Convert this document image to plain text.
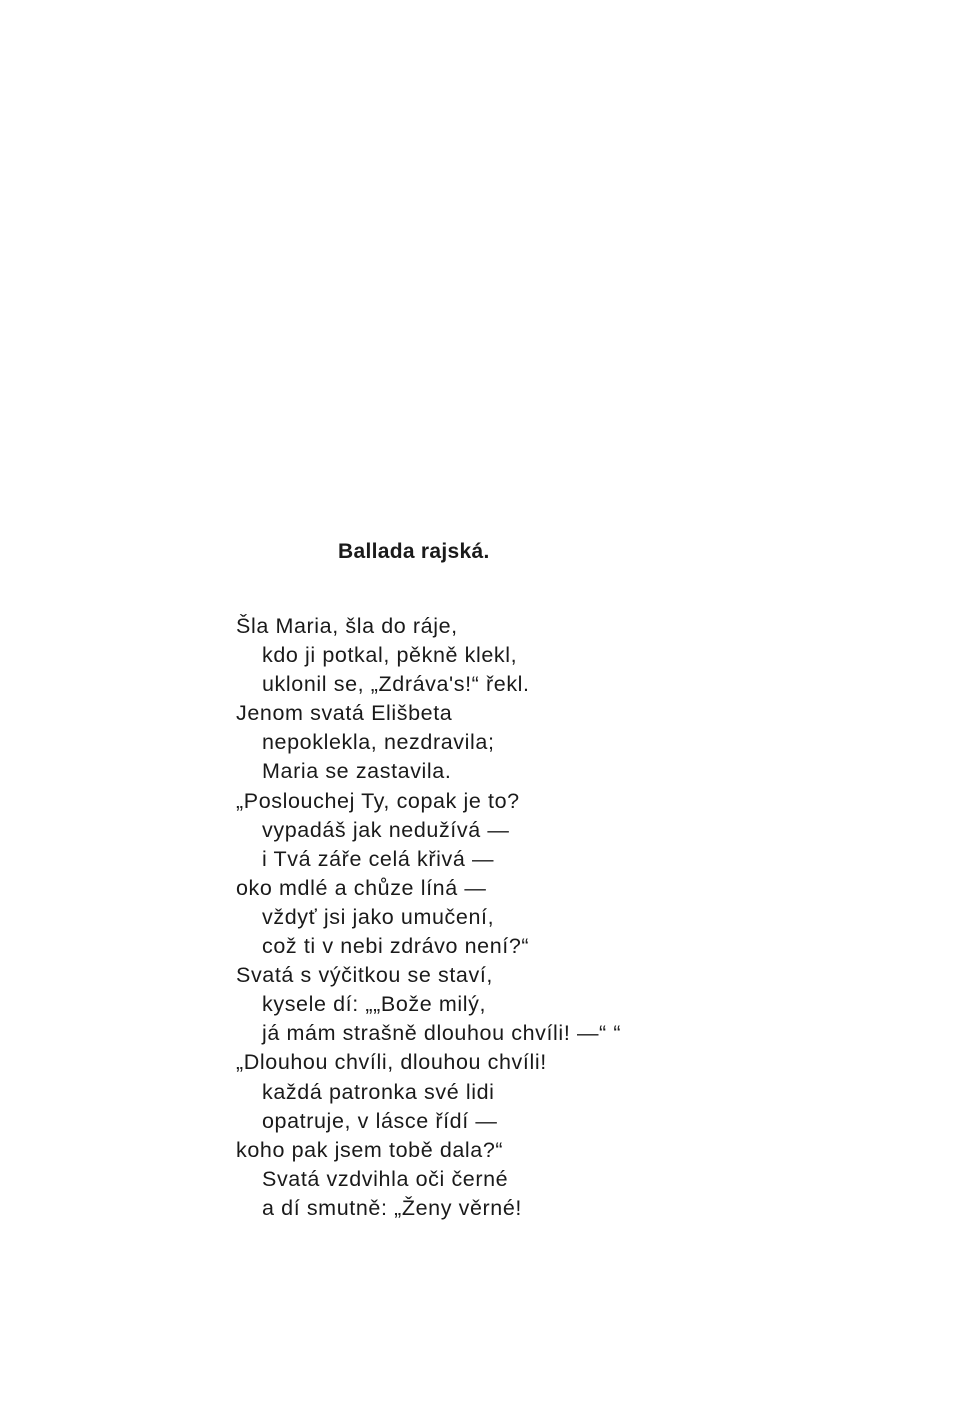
Ballada rajská.
Šla Maria, šla do ráje,
kdo ji potkal, pěkně klekl,
uklonil se, „Zdráva's!“ řekl.
Jenom svatá Elišbeta
nepoklekla, nezdravila;
Maria se zastavila.
„Poslouchej Ty, copak je to?
vypadáš jak nedužívá —
i Tvá záře celá křivá —
oko mdlé a chůze líná —
vždyť jsi jako umučení,
což ti v nebi zdrávo není?“
Svatá s výčitkou se staví,
kysele dí: „„Bože milý,
já mám strašně dlouhou chvíli! —“ “
„Dlouhou chvíli, dlouhou chvíli!
každá patronka své lidi
opatruje, v lásce řídí —
koho pak jsem tobě dala?“
Svatá vzdvihla oči černé
a dí smutně: „Ženy věrné!
